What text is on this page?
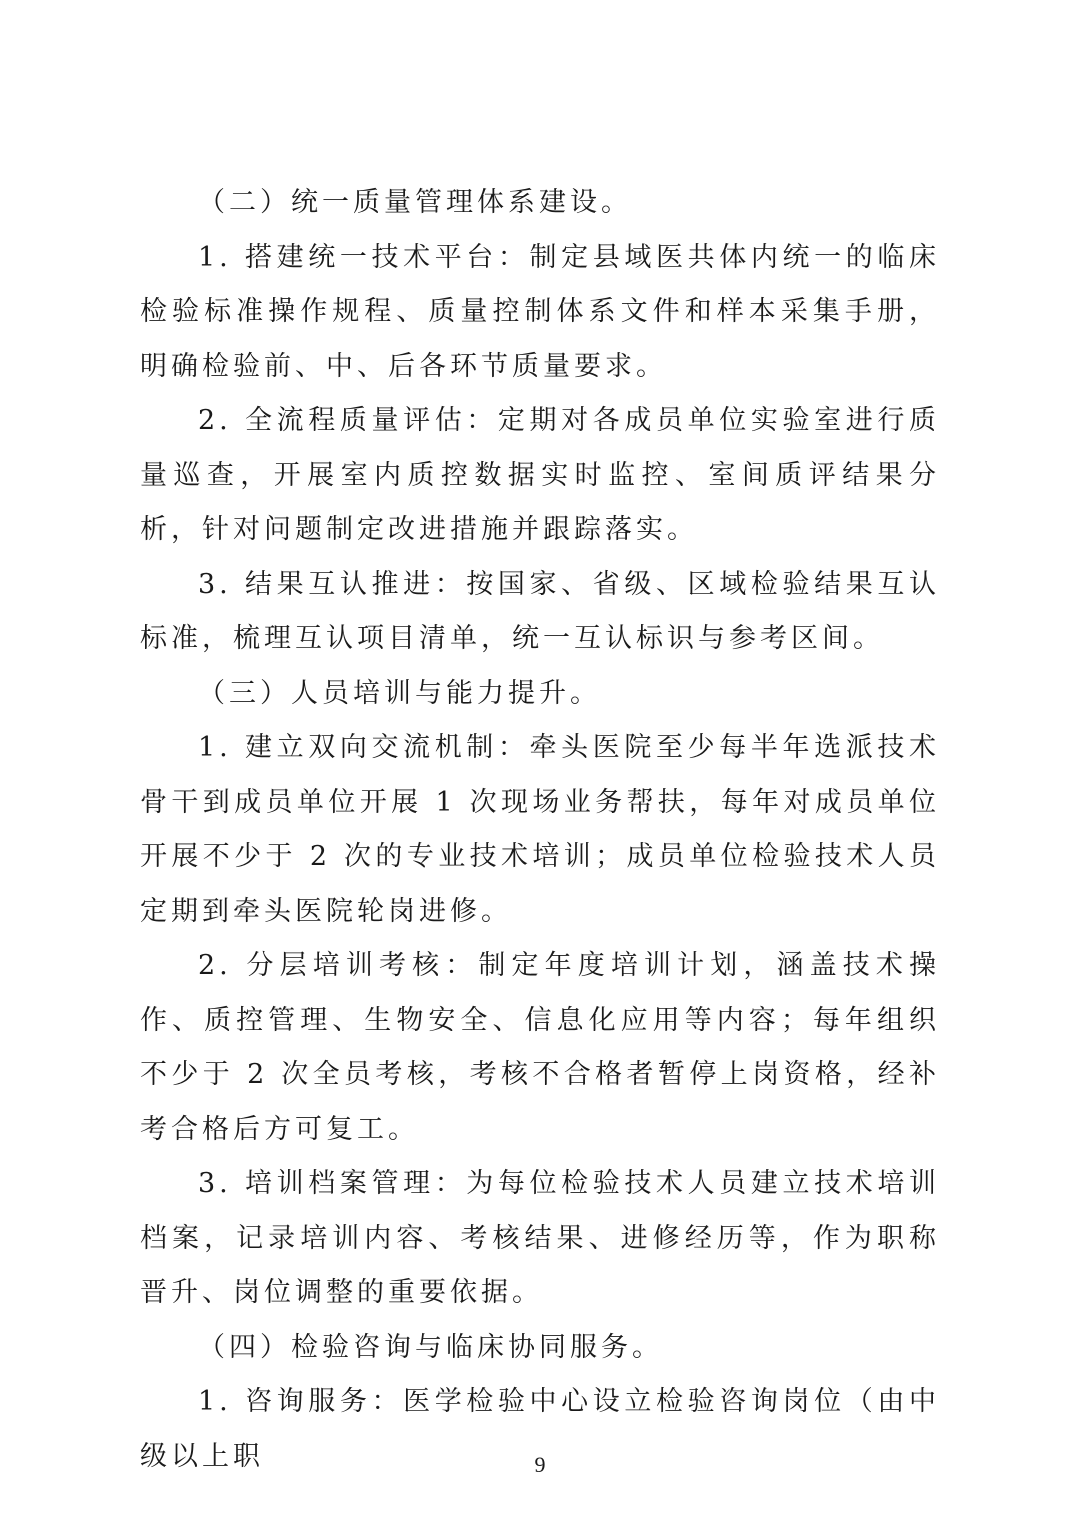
（二）统一质量管理体系建设。

1. 搭建统一技术平台：制定县域医共体内统一的临床检验标准操作规程、质量控制体系文件和样本采集手册，明确检验前、中、后各环节质量要求。

2. 全流程质量评估：定期对各成员单位实验室进行质量巡查，开展室内质控数据实时监控、室间质评结果分析，针对问题制定改进措施并跟踪落实。

3. 结果互认推进：按国家、省级、区域检验结果互认标准，梳理互认项目清单，统一互认标识与参考区间。

（三）人员培训与能力提升。

1. 建立双向交流机制：牵头医院至少每半年选派技术骨干到成员单位开展 1 次现场业务帮扶，每年对成员单位开展不少于 2 次的专业技术培训；成员单位检验技术人员定期到牵头医院轮岗进修。

2. 分层培训考核：制定年度培训计划，涵盖技术操作、质控管理、生物安全、信息化应用等内容；每年组织不少于 2 次全员考核，考核不合格者暂停上岗资格，经补考合格后方可复工。

3. 培训档案管理：为每位检验技术人员建立技术培训档案，记录培训内容、考核结果、进修经历等，作为职称晋升、岗位调整的重要依据。

（四）检验咨询与临床协同服务。

1. 咨询服务：医学检验中心设立检验咨询岗位（由中级以上职	9
